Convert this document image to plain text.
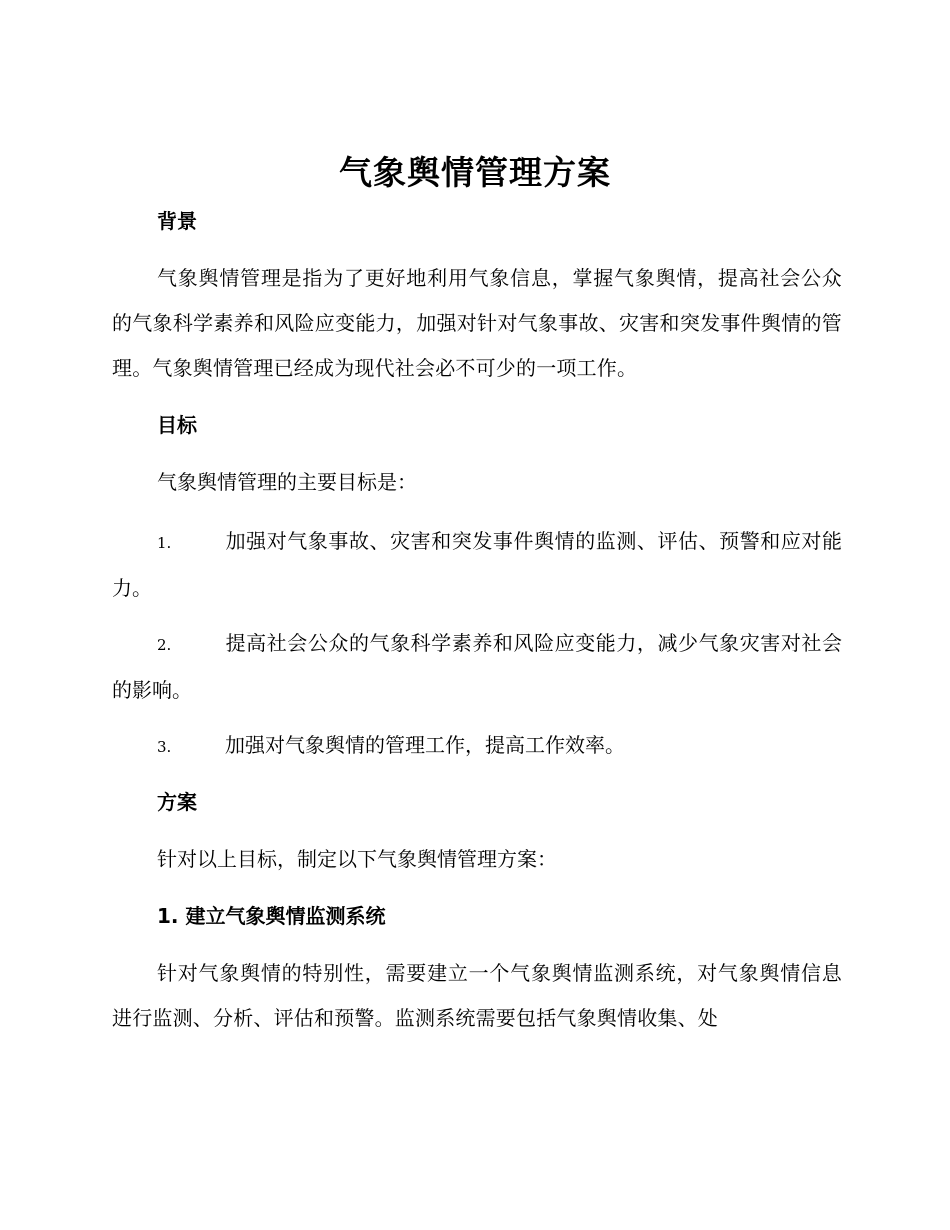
气象舆情管理方案
背景
气象舆情管理是指为了更好地利用气象信息，掌握气象舆情，提高社会公众的气象科学素养和风险应变能力，加强对针对气象事故、灾害和突发事件舆情的管理。气象舆情管理已经成为现代社会必不可少的一项工作。
目标
气象舆情管理的主要目标是：
1.	加强对气象事故、灾害和突发事件舆情的监测、评估、预警和应对能力。
2.	提高社会公众的气象科学素养和风险应变能力，减少气象灾害对社会的影响。
3.	加强对气象舆情的管理工作，提高工作效率。
方案
针对以上目标，制定以下气象舆情管理方案：
1. 建立气象舆情监测系统
针对气象舆情的特别性，需要建立一个气象舆情监测系统，对气象舆情信息进行监测、分析、评估和预警。监测系统需要包括气象舆情收集、处
